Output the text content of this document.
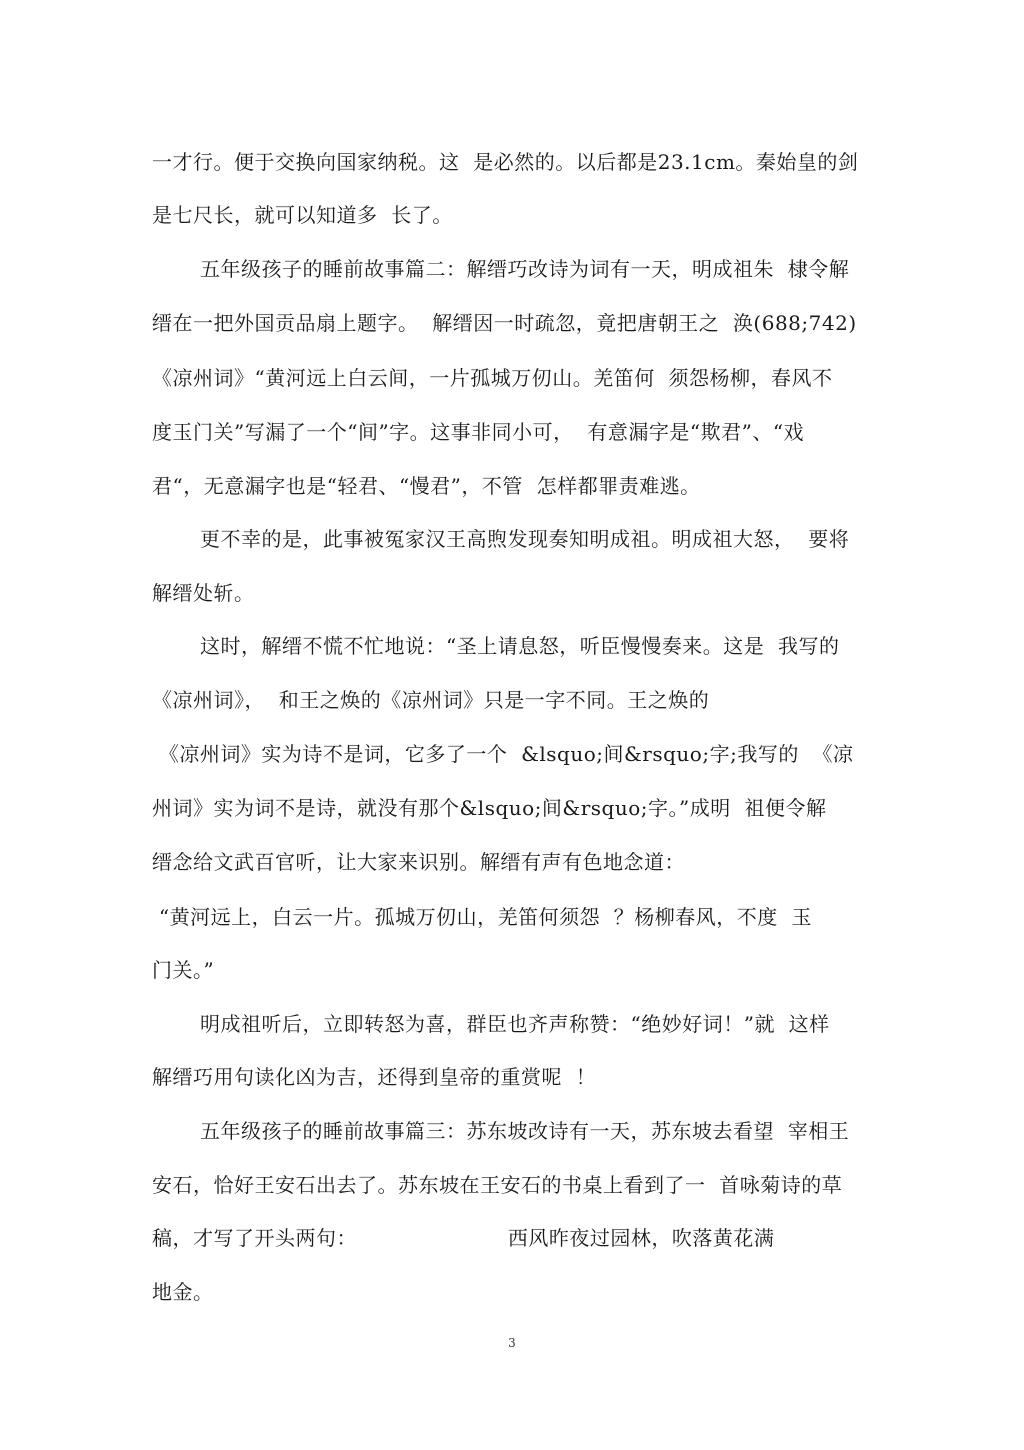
一才行。便于交换向国家纳税。这  是必然的。以后都是23.1cm。秦始皇的剑
是七尺长，就可以知道多  长了。
五年级孩子的睡前故事篇二：解缙巧改诗为词有一天，明成祖朱  棣令解
缙在一把外国贡品扇上题字。  解缙因一时疏忽，竟把唐朝王之  涣(688;742)
《凉州词》“黄河远上白云间，一片孤城万仞山。羌笛何  须怨杨柳，春风不
度玉门关”写漏了一个“间”字。这事非同小可，  有意漏字是“欺君”、“戏
君“，无意漏字也是“轻君、“慢君”，不管  怎样都罪责难逃。
更不幸的是，此事被冤家汉王高煦发现奏知明成祖。明成祖大怒，  要将
解缙处斩。
这时，解缙不慌不忙地说：“圣上请息怒，听臣慢慢奏来。这是  我写的
《凉州词》，  和王之焕的《凉州词》只是一字不同。王之焕的
《凉州词》实为诗不是词，它多了一个  &lsquo;间&rsquo;字;我写的  《凉
州词》实为词不是诗，就没有那个&lsquo;间&rsquo;字。”成明  祖便令解
缙念给文武百官听，让大家来识别。解缙有声有色地念道：
“黄河远上，白云一片。孤城万仞山，羌笛何须怨  ？杨柳春风，不度  玉
门关。”
明成祖听后，立即转怒为喜，群臣也齐声称赞：“绝妙好词！”就  这样
解缙巧用句读化凶为吉，还得到皇帝的重赏呢  ！
五年级孩子的睡前故事篇三：苏东坡改诗有一天，苏东坡去看望  宰相王
安石，恰好王安石出去了。苏东坡在王安石的书桌上看到了一  首咏菊诗的草
稿，才写了开头两句：                      西风昨夜过园林，吹落黄花满
地金。
3
